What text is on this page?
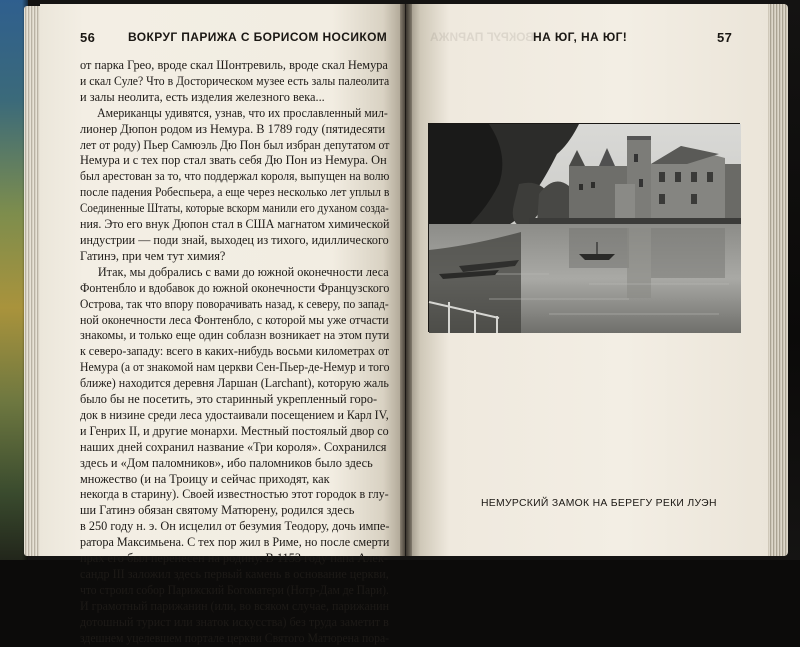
56	ВОКРУГ ПАРИЖА С БОРИСОМ НОСИКОМ	ВОКРУГ ПАРИЖА НА ЮГ, НА ЮГ!	57

от парка Грео, вроде скал Шонтревиль, вроде скал Немура
и скал Суле? Что в Досторическом музее есть залы палеолита
и залы неолита, есть изделия железного века...

Американцы удивятся, узнав, что их прославленный мил-
лионер Дюпон родом из Немура. В 1789 году (пятидесяти
лет от роду) Пьер Самюэль Дю Пон был избран депутатом от
Немура и с тех пор стал звать себя Дю Пон из Немура. Он
был арестован за то, что поддержал короля, выпущен на волю
после падения Робеспьера, а еще через несколько лет уплыл в
Соединенные Штаты, которые вскорм манили его духаном созда-
ния. Это его внук Дюпон стал в США магнатом химической
индустрии — поди знай, выходец из тихого, идиллического
Гатинэ, при чем тут химия?

Итак, мы добрались с вами до южной оконечности леса
Фонтенбло и вдобавок до южной оконечности Французского
Острова, так что впору поворачивать назад, к северу, по запад-
ной оконечности леса Фонтенбло, с которой мы уже отчасти
знакомы, и только еще один соблазн возникает на этом пути
к северо-западу: всего в каких-нибудь восьми километрах от
Немура (а от знакомой нам церкви Сен-Пьер-де-Немур и того
ближе) находится деревня Ларшан (Larchant), которую жаль
было бы не посетить, это старинный укрепленный горо-
док в низине среди леса удостаивали посещением и Карл IV,
и Генрих II, и другие монархи. Местный постоялый двор со
наших дней сохранил название «Три короля». Сохранился
здесь и «Дом паломников», ибо паломников было здесь
множество (и на Троицу и сейчас приходят, как
некогда в старину). Своей известностью этот городок в глу-
ши Гатинэ обязан святому Матюрену, родился здесь
в 250 году н. э. Он исцелил от безумия Теодору, дочь импе-
ратора Максимьена. С тех пор жил в Риме, но после смерти
прах его был перенесен на родину. В 1153 году папа Алек-
сандр III заложил здесь первый камень в основание церкви,
что строил собор Парижский Богоматери (Нотр-Дам де Пари).
И грамотный парижанин (или, во всяком случае, парижанин
дотошный турист или знаток искусства) без труда заметит в
здешнем уцелевшем портале церкви Святого Матюрена пора-

НЕМУРСКИЙ ЗАМОК НА БЕРЕГУ РЕКИ ЛУЭН
